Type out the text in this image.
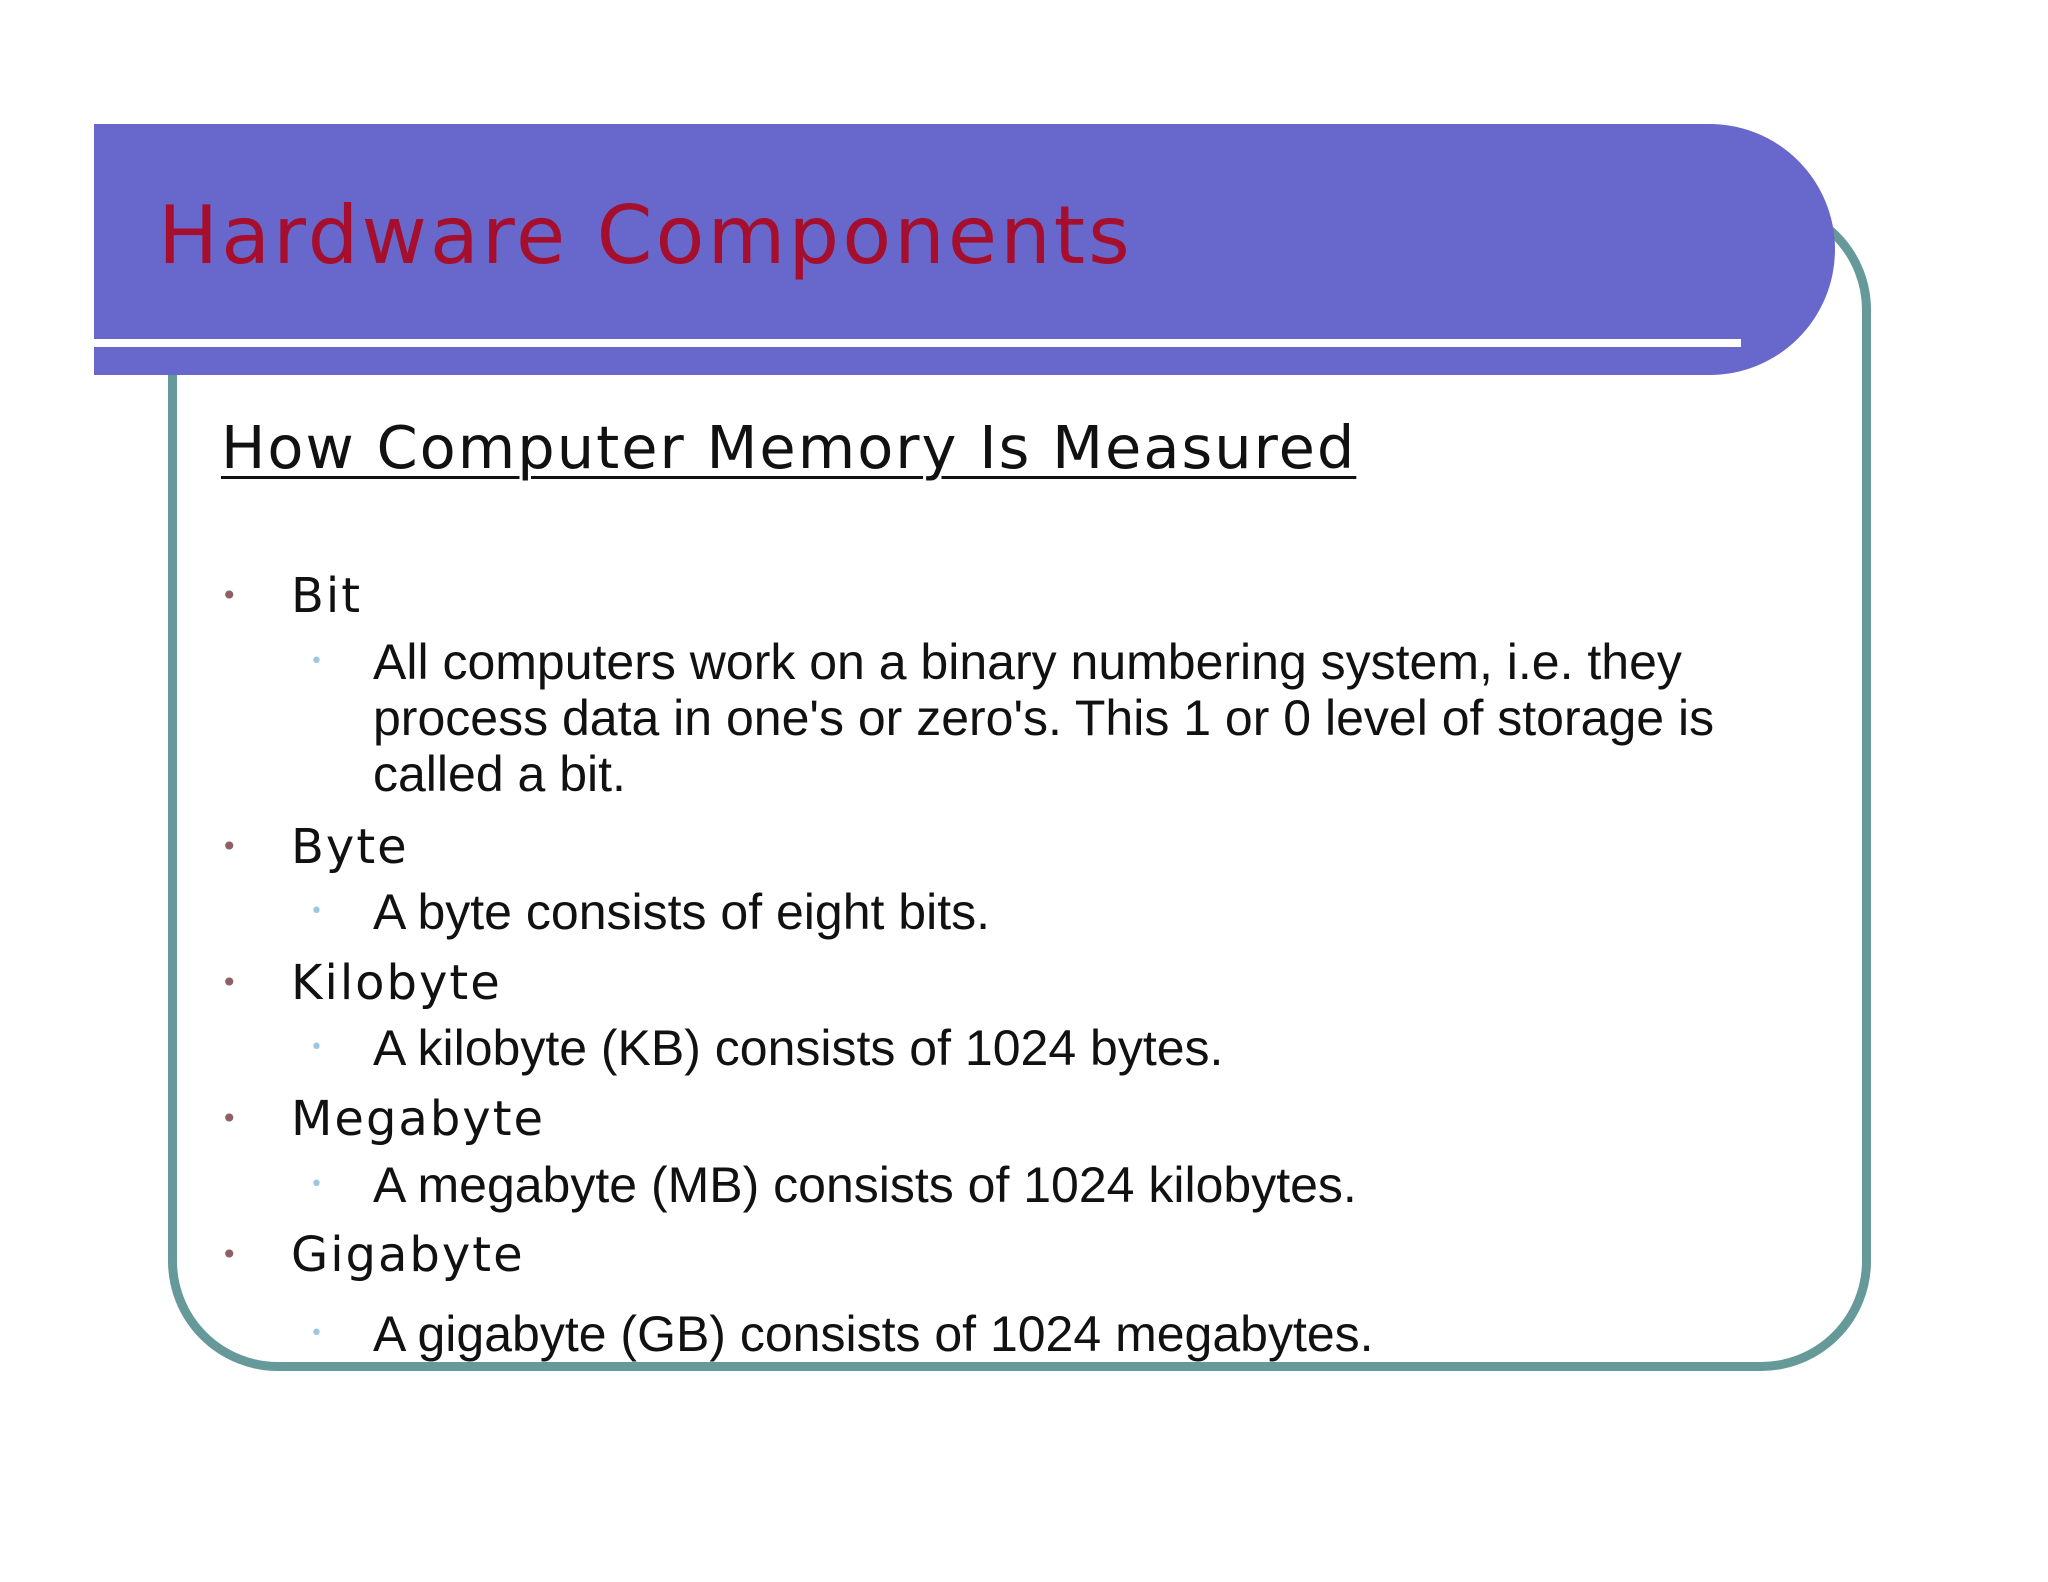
Hardware Components
How Computer Memory Is Measured
•	Bit
•	All computers work on a binary numbering system, i.e. they process data in one's or zero's. This 1 or 0 level of storage is called a bit.
•	Byte
•	A byte consists of eight bits.
•	Kilobyte
•	A kilobyte (KB) consists of 1024 bytes.
•	Megabyte
•	A megabyte (MB) consists of 1024 kilobytes.
•	Gigabyte
•	A gigabyte (GB) consists of 1024 megabytes.
